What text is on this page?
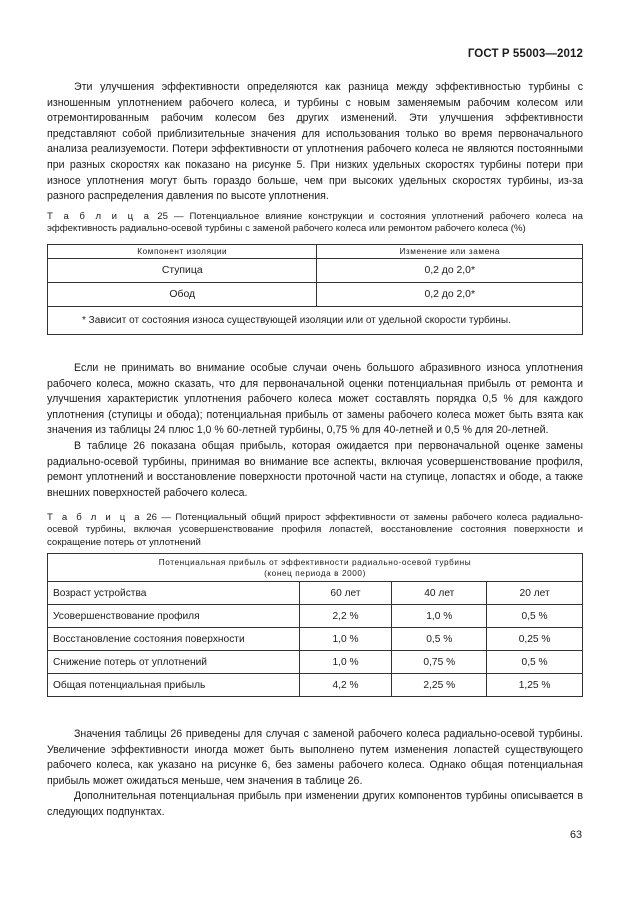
ГОСТ Р 55003—2012

Эти улучшения эффективности определяются как разница между эффективностью турбины с изношенным уплотнением рабочего колеса, и турбины с новым заменяемым рабочим колесом или отремонтированным рабочим колесом без других изменений. Эти улучшения эффективности представляют собой приблизительные значения для использования только во время первоначального анализа реализуемости. Потери эффективности от уплотнения рабочего колеса не являются постоянными при разных скоростях как показано на рисунке 5. При низких удельных скоростях турбины потери при износе уплотнения могут быть гораздо больше, чем при высоких удельных скоростях турбины, из-за разного распределения давления по высоте уплотнения.

Т а б л и ц а 25 — Потенциальное влияние конструкции и состояния уплотнений рабочего колеса на эффективность радиально-осевой турбины с заменой рабочего колеса или ремонтом рабочего колеса (%)
Компонент изоляции	Изменение или замена
Ступица	0,2 до 2,0*
Обод	0,2 до 2,0*
* Зависит от состояния износа существующей изоляции или от удельной скорости турбины.	

Если не принимать во внимание особые случаи очень большого абразивного износа уплотнения рабочего колеса, можно сказать, что для первоначальной оценки потенциальная прибыль от ремонта и улучшения характеристик уплотнения рабочего колеса может составлять порядка 0,5 % для каждого уплотнения (ступицы и обода); потенциальная прибыль от замены рабочего колеса может быть взята как значения из таблицы 24 плюс 1,0 % 60-летней турбины, 0,75 % для 40-летней и 0,5 % для 20-летней.

В таблице 26 показана общая прибыль, которая ожидается при первоначальной оценке замены радиально-осевой турбины, принимая во внимание все аспекты, включая усовершенствование профиля, ремонт уплотнений и восстановление поверхности проточной части на ступице, лопастях и ободе, а также внешних поверхностей рабочего колеса.

Т а б л и ц а 26 — Потенциальный общий прирост эффективности от замены рабочего колеса радиально-осевой турбины, включая усовершенствование профиля лопастей, восстановление состояния поверхности и сокращение потерь от уплотнений
Потенциальная прибыль от эффективности радиально-осевой турбины
(конец периода в 2000)			
Возраст устройства	60 лет	40 лет	20 лет
Усовершенствование профиля	2,2 %	1,0 %	0,5 %
Восстановление состояния поверхности	1,0 %	0,5 %	0,25 %
Снижение потерь от уплотнений	1,0 %	0,75 %	0,5 %
Общая потенциальная прибыль	4,2 %	2,25 %	1,25 %

Значения таблицы 26 приведены для случая с заменой рабочего колеса радиально-осевой турбины. Увеличение эффективности иногда может быть выполнено путем изменения лопастей существующего рабочего колеса, как указано на рисунке 6, без замены рабочего колеса. Однако общая потенциальная прибыль может ожидаться меньше, чем значения в таблице 26.

Дополнительная потенциальная прибыль при изменении других компонентов турбины описывается в следующих подпунктах.

63
